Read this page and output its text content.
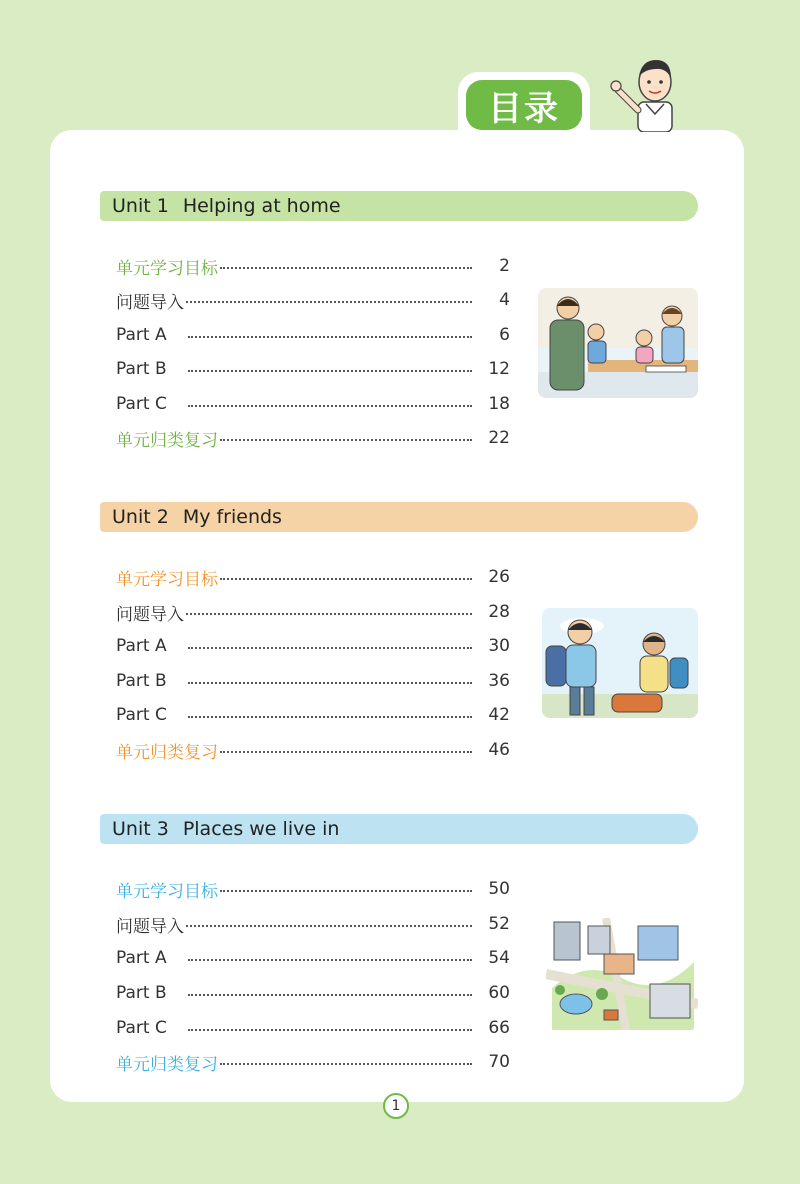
目录
Unit 1 Helping at home
单元学习目标	2
问题导入	4
Part A	6
Part B	12
Part C	18
单元归类复习	22
Unit 2 My friends
单元学习目标	26
问题导入	28
Part A	30
Part B	36
Part C	42
单元归类复习	46
Unit 3 Places we live in
单元学习目标	50
问题导入	52
Part A	54
Part B	60
Part C	66
单元归类复习	70
1
